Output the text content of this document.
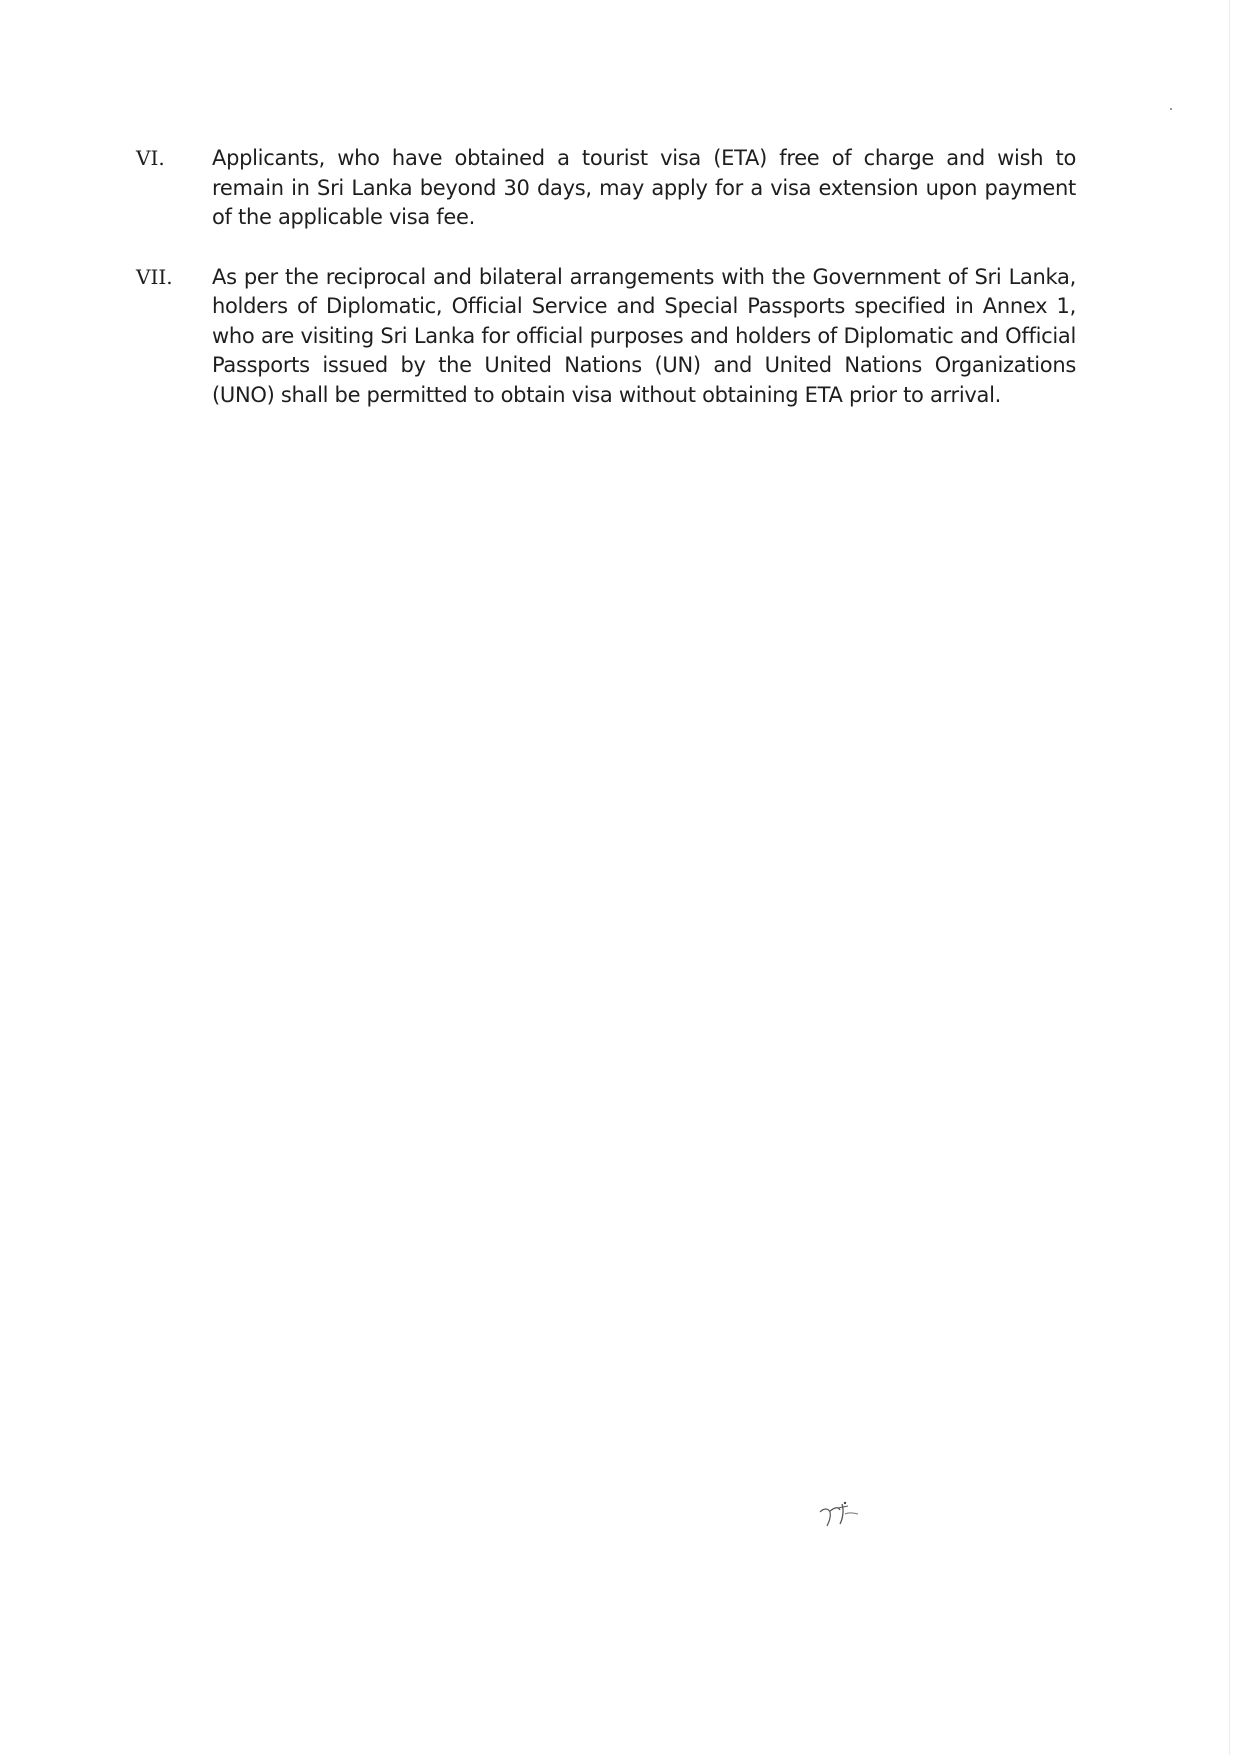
VI. Applicants, who have obtained a tourist visa (ETA) free of charge and wish to remain in Sri Lanka beyond 30 days, may apply for a visa extension upon payment of the applicable visa fee.
VII. As per the reciprocal and bilateral arrangements with the Government of Sri Lanka, holders of Diplomatic, Official Service and Special Passports specified in Annex 1, who are visiting Sri Lanka for official purposes and holders of Diplomatic and Official Passports issued by the United Nations (UN) and United Nations Organizations (UNO) shall be permitted to obtain visa without obtaining ETA prior to arrival.
